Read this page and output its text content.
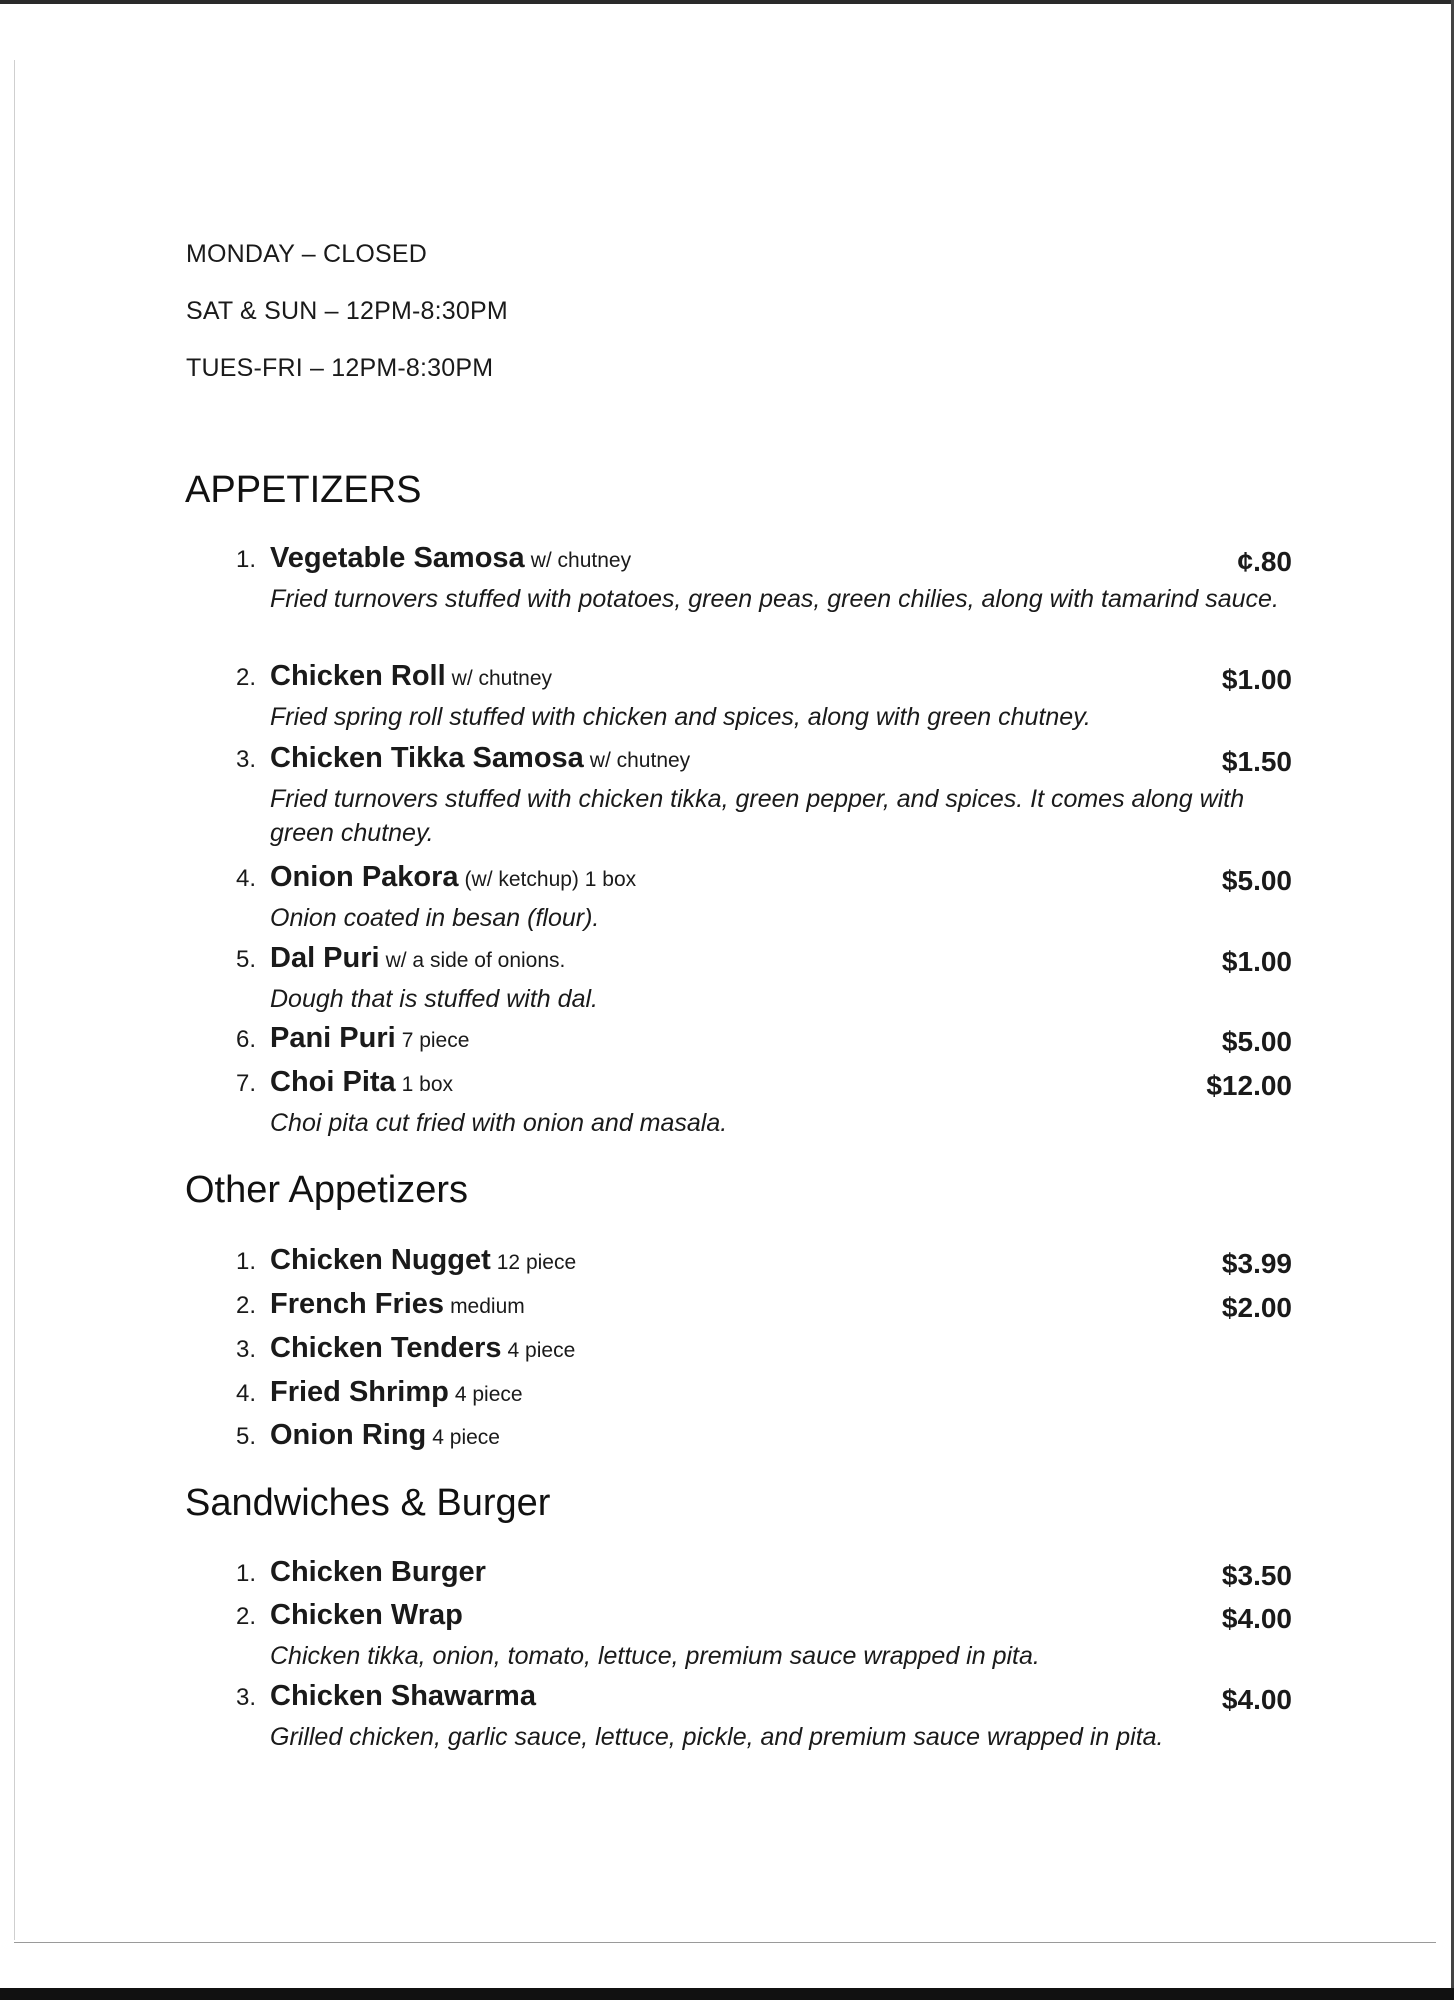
MONDAY – CLOSED
SAT & SUN – 12PM-8:30PM
TUES-FRI – 12PM-8:30PM
APPETIZERS
1. Vegetable Samosa w/ chutney	¢.80
Fried turnovers stuffed with potatoes, green peas, green chilies, along with tamarind sauce.
2. Chicken Roll w/ chutney	$1.00
Fried spring roll stuffed with chicken and spices, along with green chutney.
3. Chicken Tikka Samosa w/ chutney	$1.50
Fried turnovers stuffed with chicken tikka, green pepper, and spices. It comes along with green chutney.
4. Onion Pakora (w/ ketchup) 1 box	$5.00
Onion coated in besan (flour).
5. Dal Puri w/ a side of onions.	$1.00
Dough that is stuffed with dal.
6. Pani Puri 7 piece	$5.00
7. Choi Pita 1 box	$12.00
Choi pita cut fried with onion and masala.
Other Appetizers
1. Chicken Nugget 12 piece	$3.99
2. French Fries medium	$2.00
3. Chicken Tenders 4 piece
4. Fried Shrimp 4 piece
5. Onion Ring 4 piece
Sandwiches & Burger
1. Chicken Burger	$3.50
2. Chicken Wrap	$4.00
Chicken tikka, onion, tomato, lettuce, premium sauce wrapped in pita.
3. Chicken Shawarma	$4.00
Grilled chicken, garlic sauce, lettuce, pickle, and premium sauce wrapped in pita.
